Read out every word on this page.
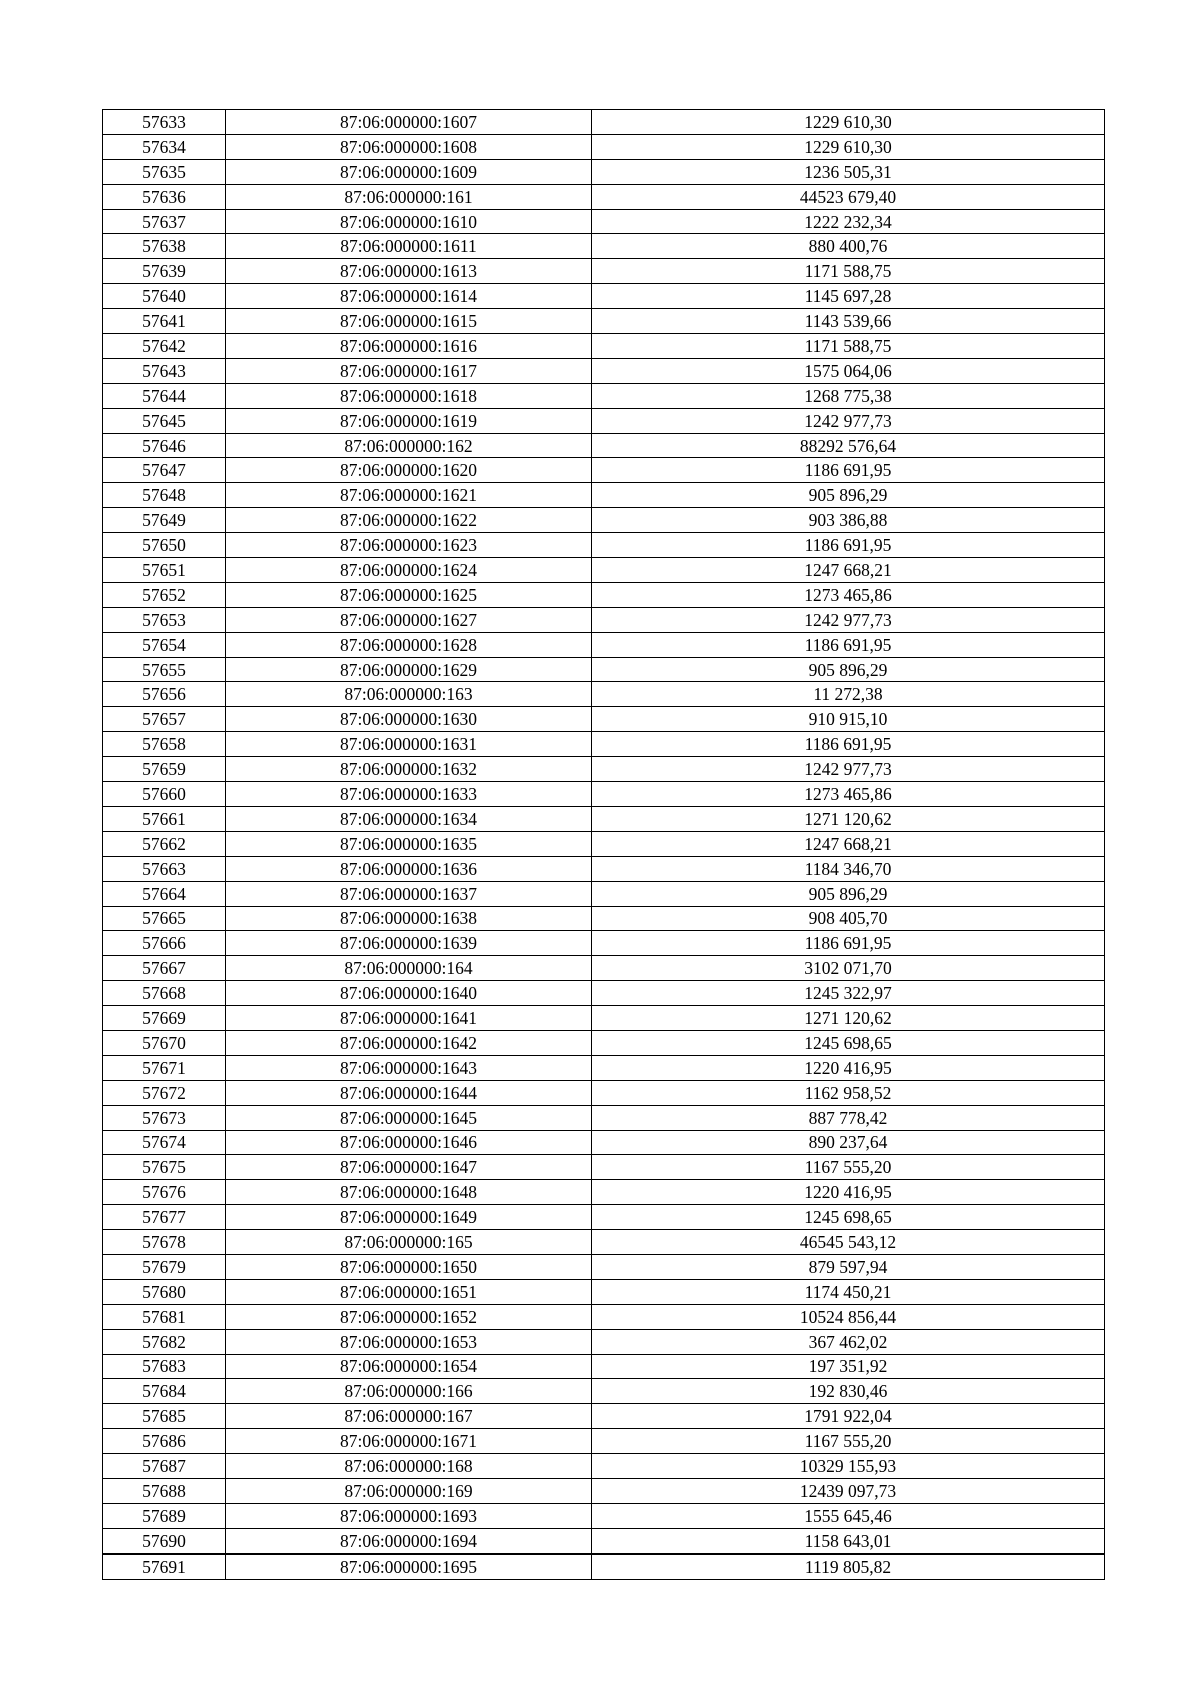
57633	87:06:000000:1607	1229 610,30
57634	87:06:000000:1608	1229 610,30
57635	87:06:000000:1609	1236 505,31
57636	87:06:000000:161	44523 679,40
57637	87:06:000000:1610	1222 232,34
57638	87:06:000000:1611	880 400,76
57639	87:06:000000:1613	1171 588,75
57640	87:06:000000:1614	1145 697,28
57641	87:06:000000:1615	1143 539,66
57642	87:06:000000:1616	1171 588,75
57643	87:06:000000:1617	1575 064,06
57644	87:06:000000:1618	1268 775,38
57645	87:06:000000:1619	1242 977,73
57646	87:06:000000:162	88292 576,64
57647	87:06:000000:1620	1186 691,95
57648	87:06:000000:1621	905 896,29
57649	87:06:000000:1622	903 386,88
57650	87:06:000000:1623	1186 691,95
57651	87:06:000000:1624	1247 668,21
57652	87:06:000000:1625	1273 465,86
57653	87:06:000000:1627	1242 977,73
57654	87:06:000000:1628	1186 691,95
57655	87:06:000000:1629	905 896,29
57656	87:06:000000:163	11 272,38
57657	87:06:000000:1630	910 915,10
57658	87:06:000000:1631	1186 691,95
57659	87:06:000000:1632	1242 977,73
57660	87:06:000000:1633	1273 465,86
57661	87:06:000000:1634	1271 120,62
57662	87:06:000000:1635	1247 668,21
57663	87:06:000000:1636	1184 346,70
57664	87:06:000000:1637	905 896,29
57665	87:06:000000:1638	908 405,70
57666	87:06:000000:1639	1186 691,95
57667	87:06:000000:164	3102 071,70
57668	87:06:000000:1640	1245 322,97
57669	87:06:000000:1641	1271 120,62
57670	87:06:000000:1642	1245 698,65
57671	87:06:000000:1643	1220 416,95
57672	87:06:000000:1644	1162 958,52
57673	87:06:000000:1645	887 778,42
57674	87:06:000000:1646	890 237,64
57675	87:06:000000:1647	1167 555,20
57676	87:06:000000:1648	1220 416,95
57677	87:06:000000:1649	1245 698,65
57678	87:06:000000:165	46545 543,12
57679	87:06:000000:1650	879 597,94
57680	87:06:000000:1651	1174 450,21
57681	87:06:000000:1652	10524 856,44
57682	87:06:000000:1653	367 462,02
57683	87:06:000000:1654	197 351,92
57684	87:06:000000:166	192 830,46
57685	87:06:000000:167	1791 922,04
57686	87:06:000000:1671	1167 555,20
57687	87:06:000000:168	10329 155,93
57688	87:06:000000:169	12439 097,73
57689	87:06:000000:1693	1555 645,46
57690	87:06:000000:1694	1158 643,01
57691	87:06:000000:1695	1119 805,82
